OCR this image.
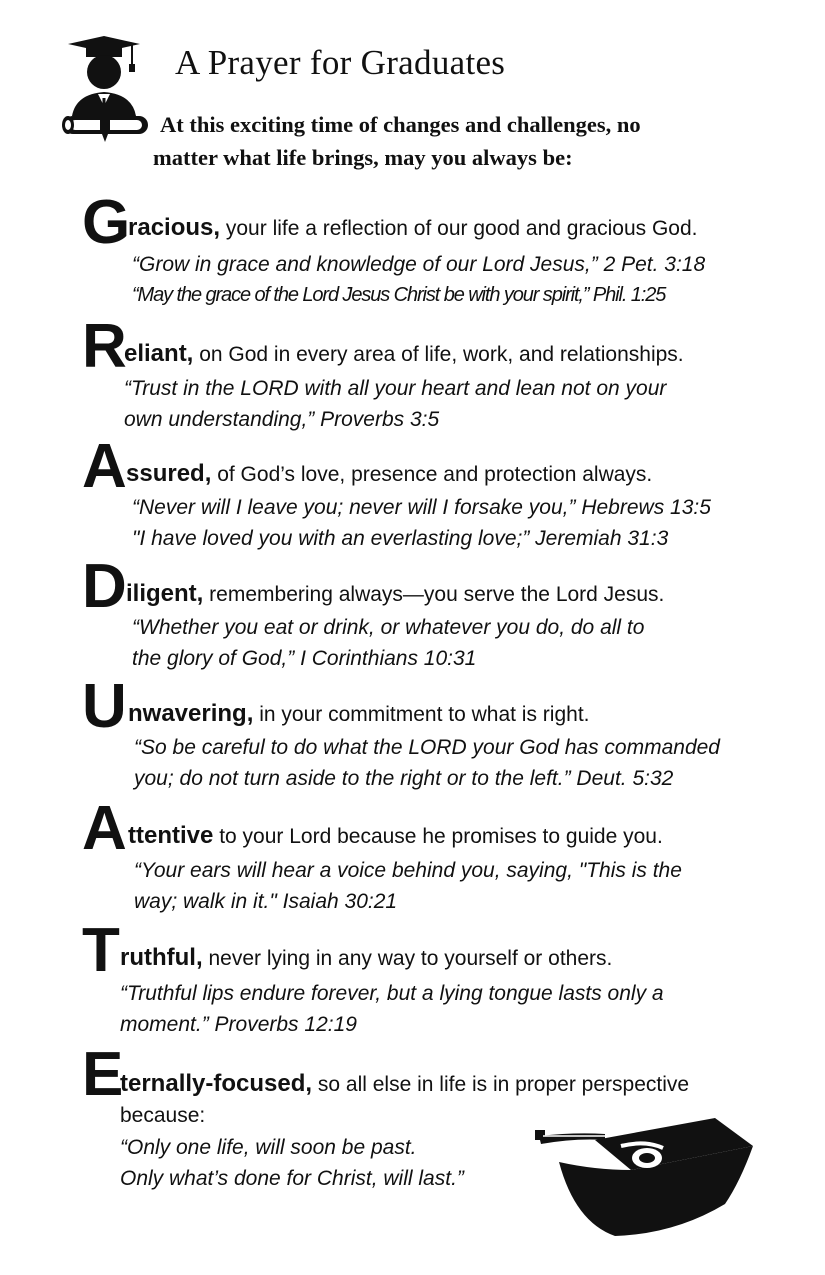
A Prayer for Graduates
At this exciting time of changes and challenges, no
matter what life brings, may you always be:
G
racious, your life a reflection of our good and gracious God.
“Grow in grace and knowledge of our Lord Jesus,” 2 Pet. 3:18
“May the grace of the Lord Jesus Christ be with your spirit,” Phil. 1:25
R
eliant, on God in every area of life, work, and relationships.
“Trust in the LORD with all your heart and lean not on your
own understanding,” Proverbs 3:5
A ssured, of God’s love, presence and protection always.
“Never will I leave you; never will I forsake you,” Hebrews 13:5
"I have loved you with an everlasting love;” Jeremiah 31:3
D iligent, remembering always—you serve the Lord Jesus.
“Whether you eat or drink, or whatever you do, do all to
the glory of God,” I Corinthians 10:31
U nwavering, in your commitment to what is right.
“So be careful to do what the LORD your God has commanded
you; do not turn aside to the right or to the left.” Deut. 5:32
A ttentive to your Lord because he promises to guide you.
“Your ears will hear a voice behind you, saying, "This is the
way; walk in it." Isaiah 30:21
T ruthful, never lying in any way to yourself or others.
“Truthful lips endure forever, but a lying tongue lasts only a
moment.” Proverbs 12:19
E
ternally-focused, so all else in life is in proper perspective
because:
“Only one life, will soon be past.
Only what’s done for Christ, will last.”
